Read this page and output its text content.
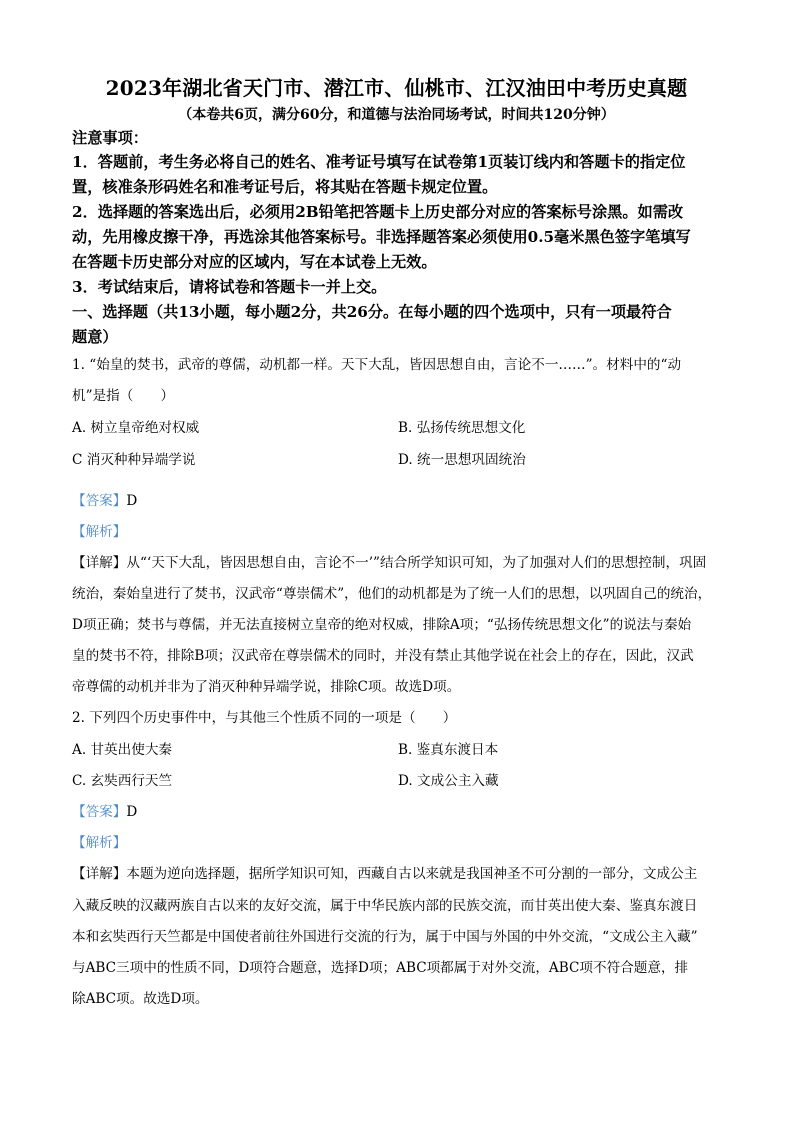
2023年湖北省天门市、潜江市、仙桃市、江汉油田中考历史真题
（本卷共6页，满分60分，和道德与法治同场考试，时间共120分钟）
注意事项：
1．答题前，考生务必将自己的姓名、准考证号填写在试卷第1页装订线内和答题卡的指定位
置，核准条形码姓名和准考证号后，将其贴在答题卡规定位置。
2．选择题的答案选出后，必须用2B铅笔把答题卡上历史部分对应的答案标号涂黑。如需改
动，先用橡皮擦干净，再选涂其他答案标号。非选择题答案必须使用0.5毫米黑色签字笔填写
在答题卡历史部分对应的区域内，写在本试卷上无效。
3．考试结束后，请将试卷和答题卡一并上交。
一、选择题（共13小题，每小题2分，共26分。在每小题的四个选项中，只有一项最符合
题意）
1. “始皇的焚书，武帝的尊儒，动机都一样。天下大乱，皆因思想自由，言论不一……”。材料中的“动
机”是指（　　）
A. 树立皇帝绝对权威	B. 弘扬传统思想文化
C 消灭种种异端学说	D. 统一思想巩固统治
【答案】D
【解析】
【详解】从“‘天下大乱，皆因思想自由，言论不一’”结合所学知识可知，为了加强对人们的思想控制，巩固
统治，秦始皇进行了焚书，汉武帝“尊崇儒术”，他们的动机都是为了统一人们的思想，以巩固自己的统治，
D项正确；焚书与尊儒，并无法直接树立皇帝的绝对权威，排除A项；“弘扬传统思想文化”的说法与秦始
皇的焚书不符，排除B项；汉武帝在尊崇儒术的同时，并没有禁止其他学说在社会上的存在，因此，汉武
帝尊儒的动机并非为了消灭种种异端学说，排除C项。故选D项。
2. 下列四个历史事件中，与其他三个性质不同的一项是（　　）
A. 甘英出使大秦	B. 鉴真东渡日本
C. 玄奘西行天竺	D. 文成公主入藏
【答案】D
【解析】
【详解】本题为逆向选择题，据所学知识可知，西藏自古以来就是我国神圣不可分割的一部分，文成公主
入藏反映的汉藏两族自古以来的友好交流，属于中华民族内部的民族交流，而甘英出使大秦、鉴真东渡日
本和玄奘西行天竺都是中国使者前往外国进行交流的行为，属于中国与外国的中外交流，“文成公主入藏”
与ABC三项中的性质不同，D项符合题意，选择D项；ABC项都属于对外交流，ABC项不符合题意，排
除ABC项。故选D项。
